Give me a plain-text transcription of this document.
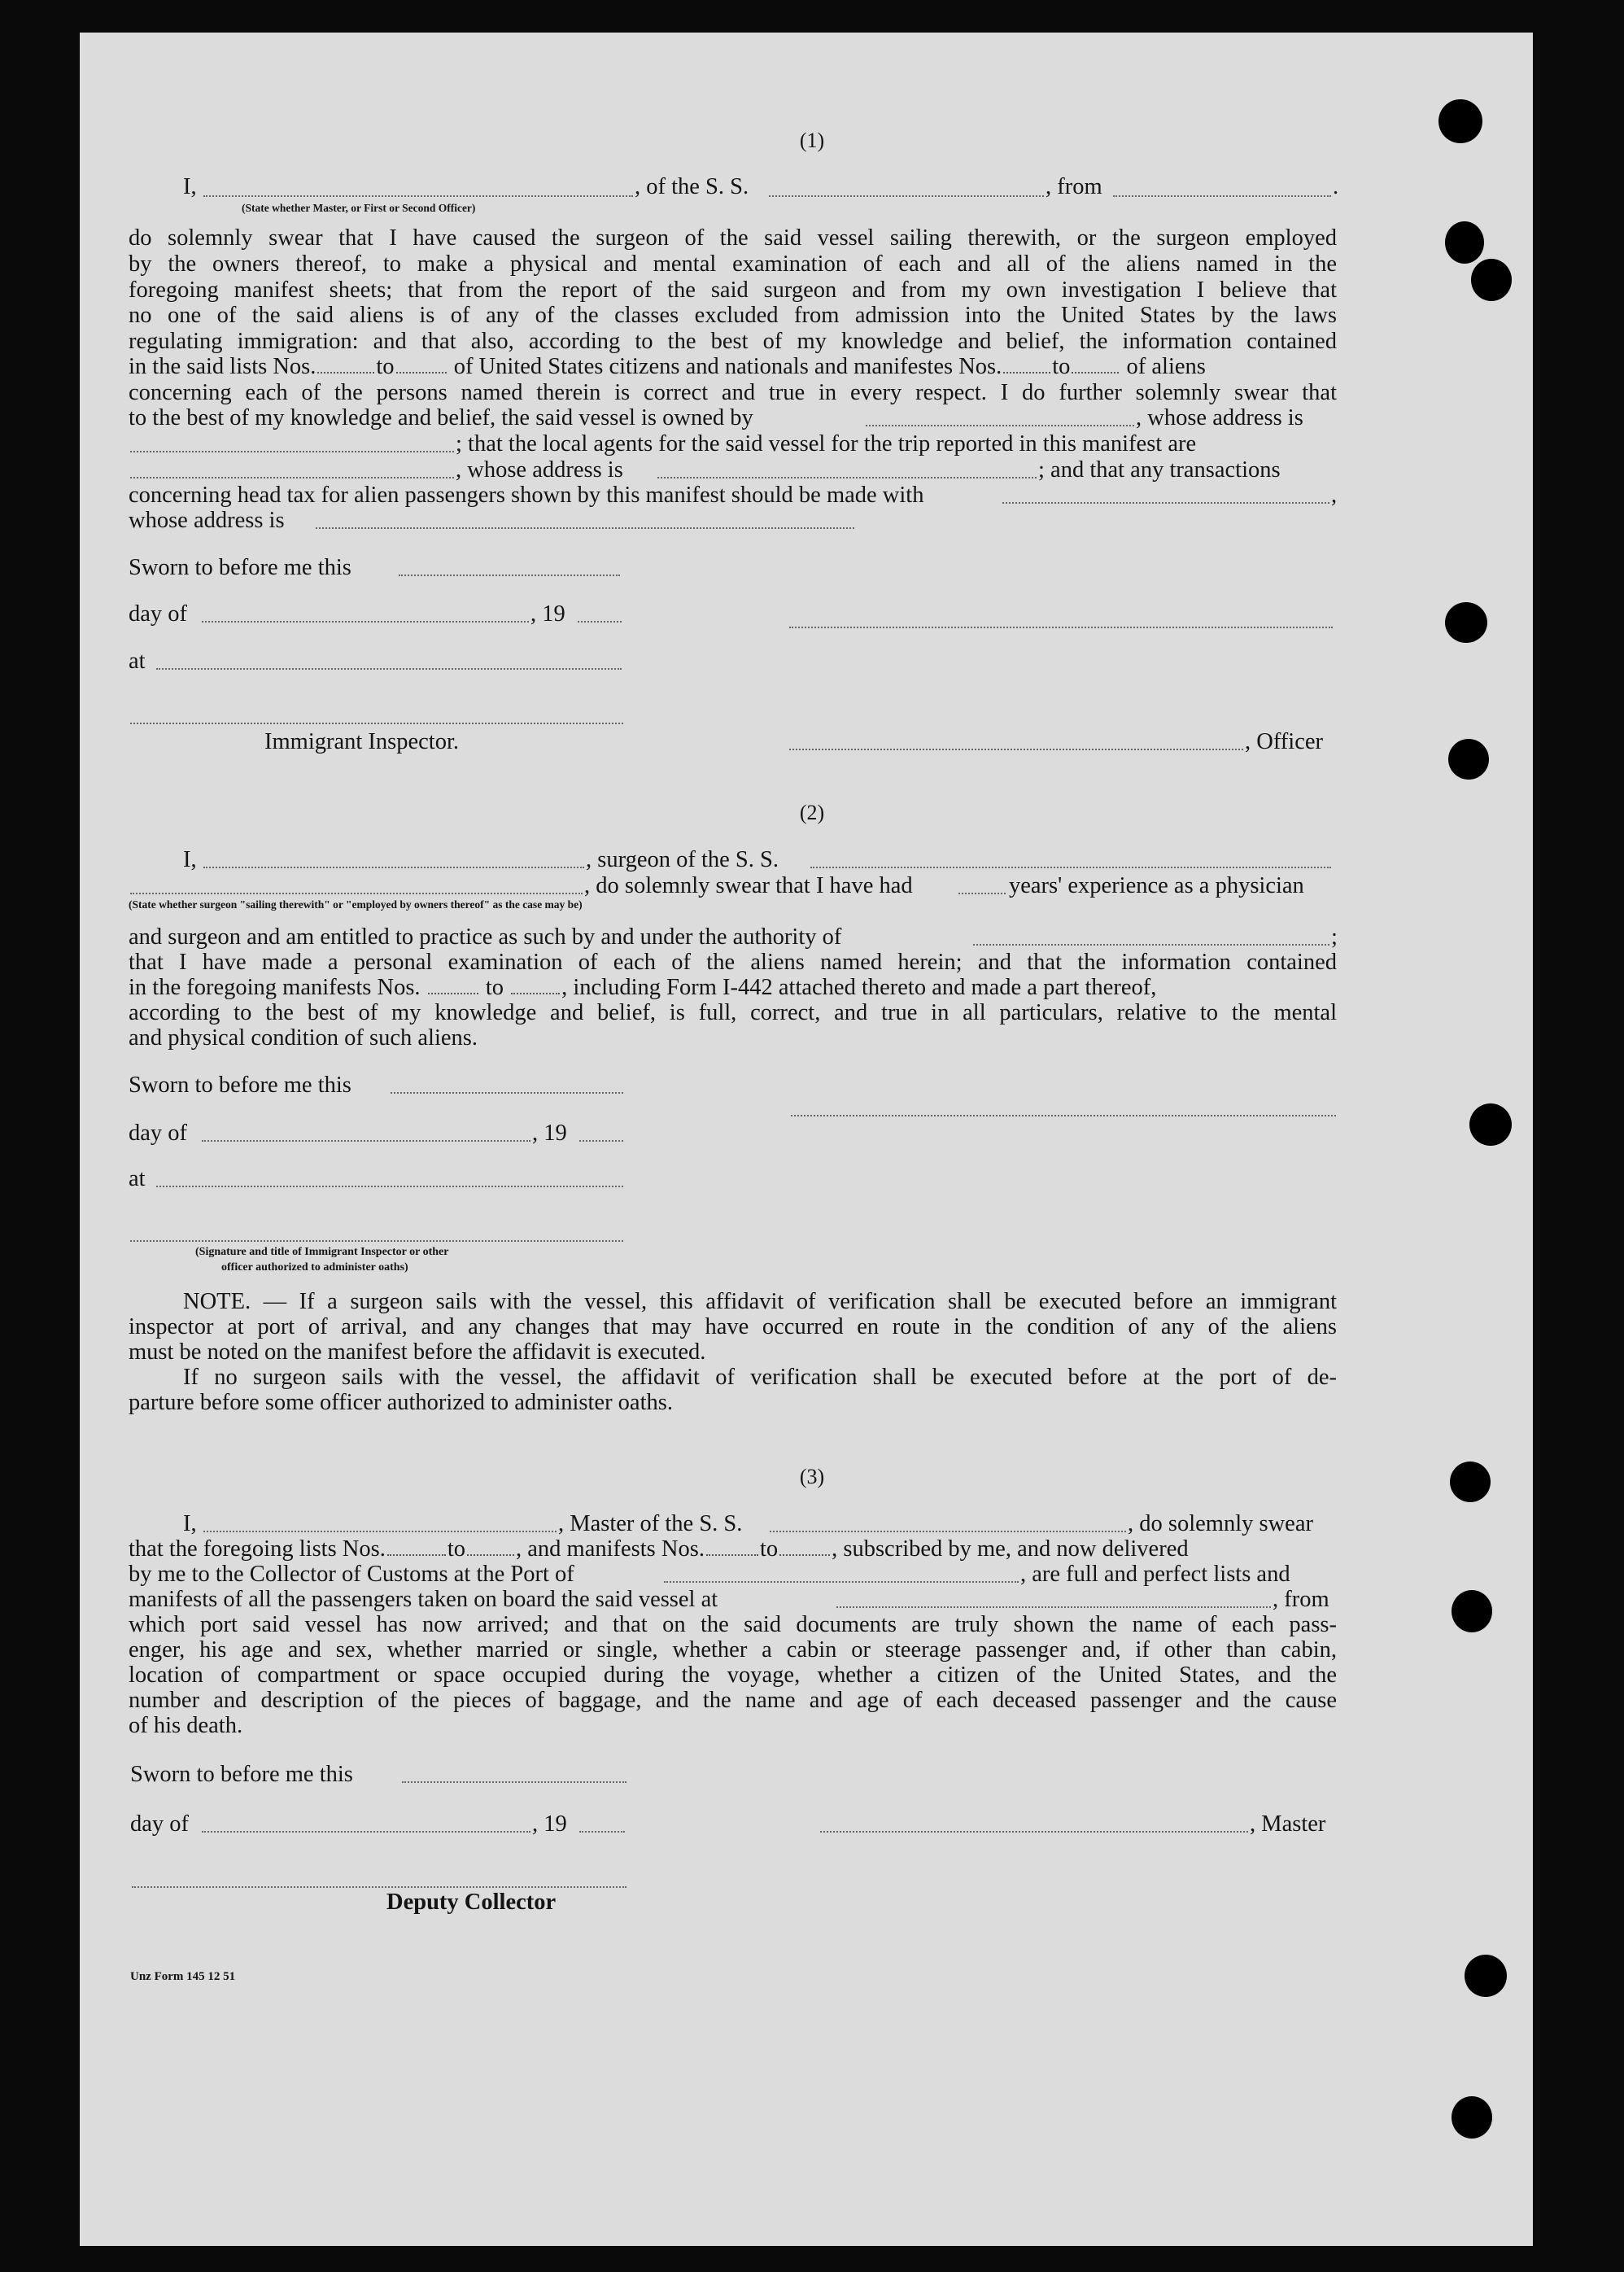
(1)

I,	, of the S. S.	, from	.

(State whether Master, or First or Second Officer)

do solemnly swear that I have caused the surgeon of the said vessel sailing therewith, or the surgeon employed

by the owners thereof, to make a physical and mental examination of each and all of the aliens named in the

foregoing manifest sheets; that from the report of the said surgeon and from my own investigation I believe that

no one of the said aliens is of any of the classes excluded from admission into the United States by the laws

regulating immigration: and that also, according to the best of my knowledge and belief, the information contained

in the said lists Nos.	to	of United States citizens and nationals and manifestes Nos. to of aliens

concerning each of the persons named therein is correct and true in every respect. I do further solemnly swear that

to the best of my knowledge and belief, the said vessel is owned by	, whose address is

; that the local agents for the said vessel for the trip reported in this manifest are

, whose address is	; and that any transactions

concerning head tax for alien passengers shown by this manifest should be made with	,

whose address is

Sworn to before me this

day of	, 19

at

Immigrant Inspector.	, Officer

(2)

I,	, surgeon of the S. S.

, do solemnly swear that I have had	years' experience as a physician

(State whether surgeon "sailing therewith" or "employed by owners thereof" as the case may be)

and surgeon and am entitled to practice as such by and under the authority of	;

that I have made a personal examination of each of the aliens named herein; and that the information contained

in the foregoing manifests Nos.	to , including Form I-442 attached thereto and made a part thereof,

according to the best of my knowledge and belief, is full, correct, and true in all particulars, relative to the mental

and physical condition of such aliens.

Sworn to before me this

day of	, 19

at

(Signature and title of Immigrant Inspector or other

officer authorized to administer oaths)

NOTE. — If a surgeon sails with the vessel, this affidavit of verification shall be executed before an immigrant

inspector at port of arrival, and any changes that may have occurred en route in the condition of any of the aliens

must be noted on the manifest before the affidavit is executed.

If no surgeon sails with the vessel, the affidavit of verification shall be executed before at the port of de-

parture before some officer authorized to administer oaths.

(3)

I,	, Master of the S. S.	, do solemnly swear

that the foregoing lists Nos.	to , and manifests Nos. to , subscribed by me, and now delivered

by me to the Collector of Customs at the Port of	, are full and perfect lists and

manifests of all the passengers taken on board the said vessel at	, from

which port said vessel has now arrived; and that on the said documents are truly shown the name of each pass-

enger, his age and sex, whether married or single, whether a cabin or steerage passenger and, if other than cabin,

location of compartment or space occupied during the voyage, whether a citizen of the United States, and the

number and description of the pieces of baggage, and the name and age of each deceased passenger and the cause

of his death.

Sworn to before me this

day of	, 19	, Master

Deputy Collector

Unz Form 145 12 51
